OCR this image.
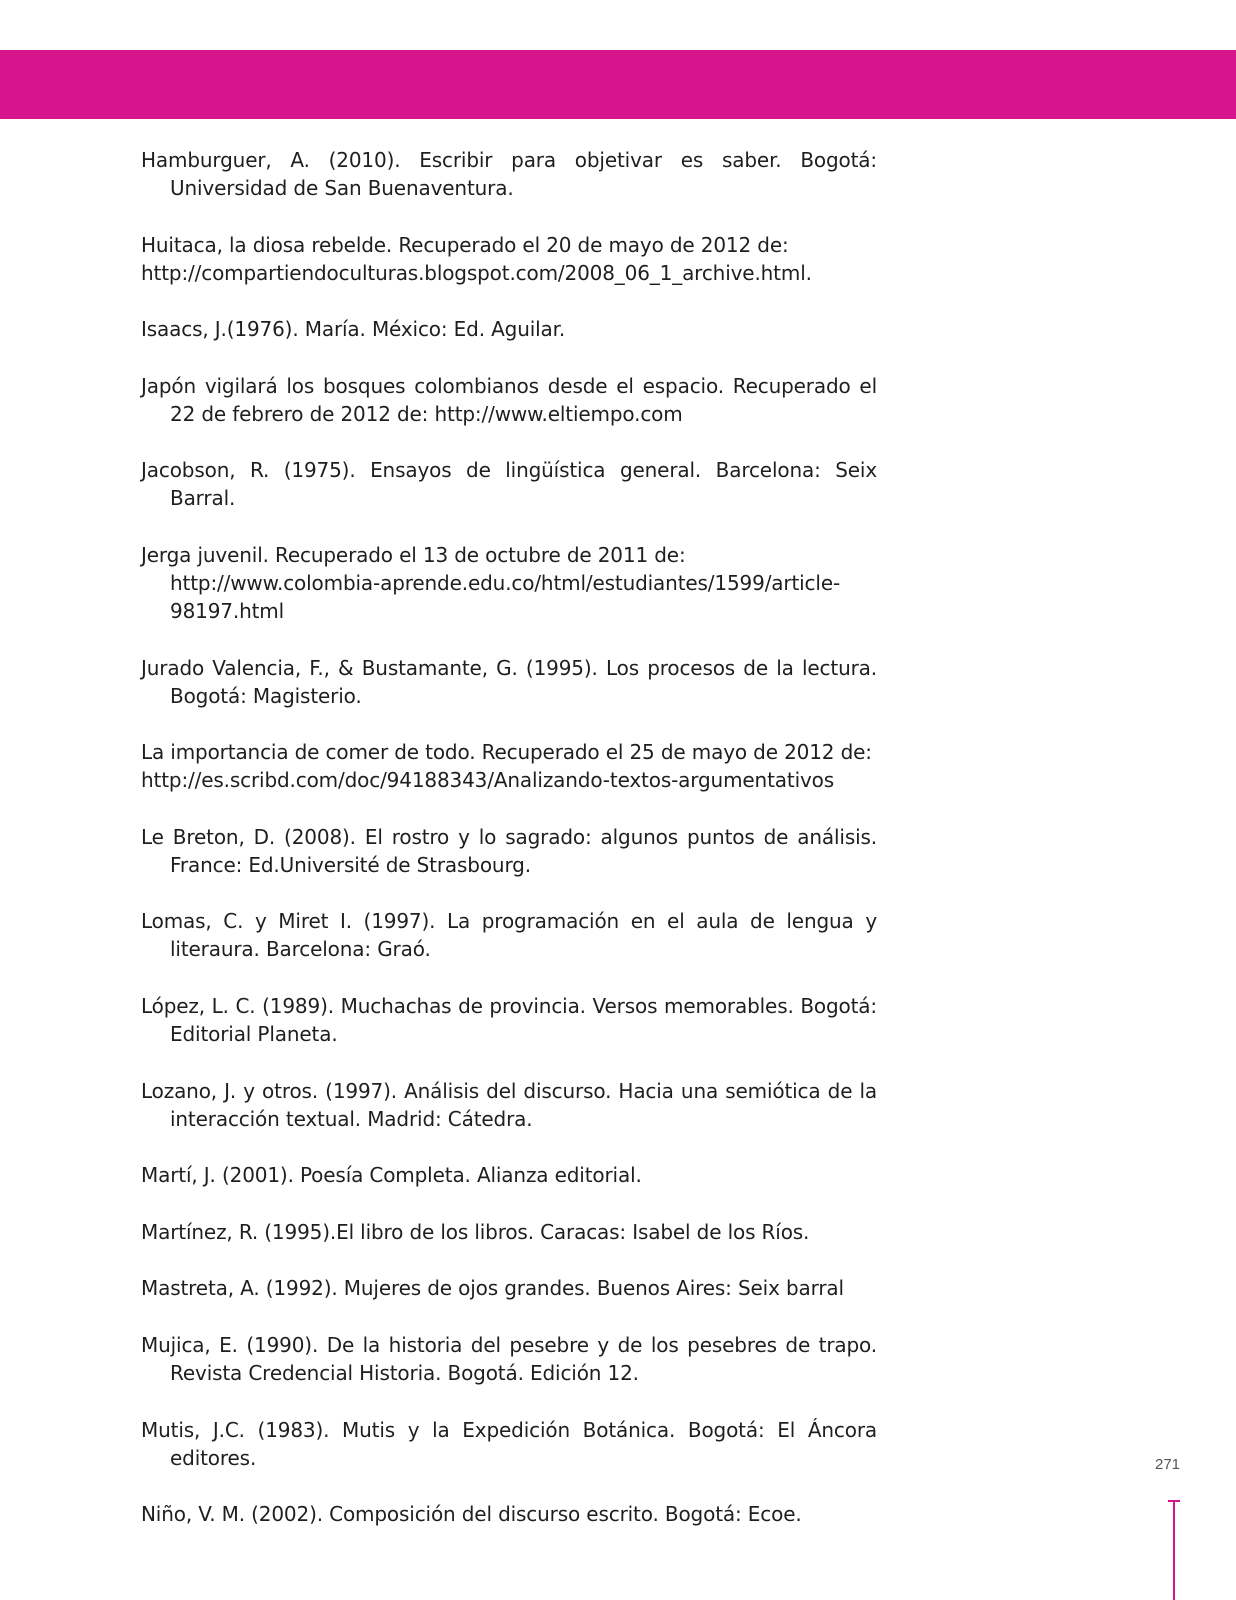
Hamburguer, A. (2010). Escribir para objetivar es saber. Bogotá: Universidad de San Buenaventura.
Huitaca, la diosa rebelde. Recuperado el 20 de mayo de 2012 de: http://compartiendoculturas.blogspot.com/2008_06_1_archive.html.
Isaacs, J.(1976). María. México: Ed. Aguilar.
Japón vigilará los bosques colombianos desde el espacio. Recuperado el 22 de febrero de 2012 de: http://www.eltiempo.com
Jacobson, R. (1975). Ensayos de lingüística general. Barcelona: Seix Barral.
Jerga juvenil. Recuperado el 13 de octubre de 2011 de: http://www.colombia-aprende.edu.co/html/estudiantes/1599/article-98197.html
Jurado Valencia, F., & Bustamante, G. (1995). Los procesos de la lectura. Bogotá: Magisterio.
La importancia de comer de todo. Recuperado el 25 de mayo de 2012 de: http://es.scribd.com/doc/94188343/Analizando-textos-argumentativos
Le Breton, D. (2008). El rostro y lo sagrado: algunos puntos de análisis. France: Ed.Université de Strasbourg.
Lomas, C. y Miret I. (1997). La programación en el aula de lengua y literaura. Barcelona: Graó.
López, L. C. (1989). Muchachas de provincia. Versos memorables. Bogotá: Editorial Planeta.
Lozano, J. y otros. (1997). Análisis del discurso. Hacia una semiótica de la interacción textual. Madrid: Cátedra.
Martí, J. (2001). Poesía Completa. Alianza editorial.
Martínez, R. (1995).El libro de los libros. Caracas: Isabel de los Ríos.
Mastreta, A. (1992). Mujeres de ojos grandes. Buenos Aires: Seix barral
Mujica, E. (1990). De la historia del pesebre y de los pesebres de trapo. Revista Credencial Historia. Bogotá. Edición 12.
Mutis, J.C. (1983). Mutis y la Expedición Botánica. Bogotá: El Áncora editores.
Niño, V. M. (2002). Composición del discurso escrito. Bogotá: Ecoe.
271
